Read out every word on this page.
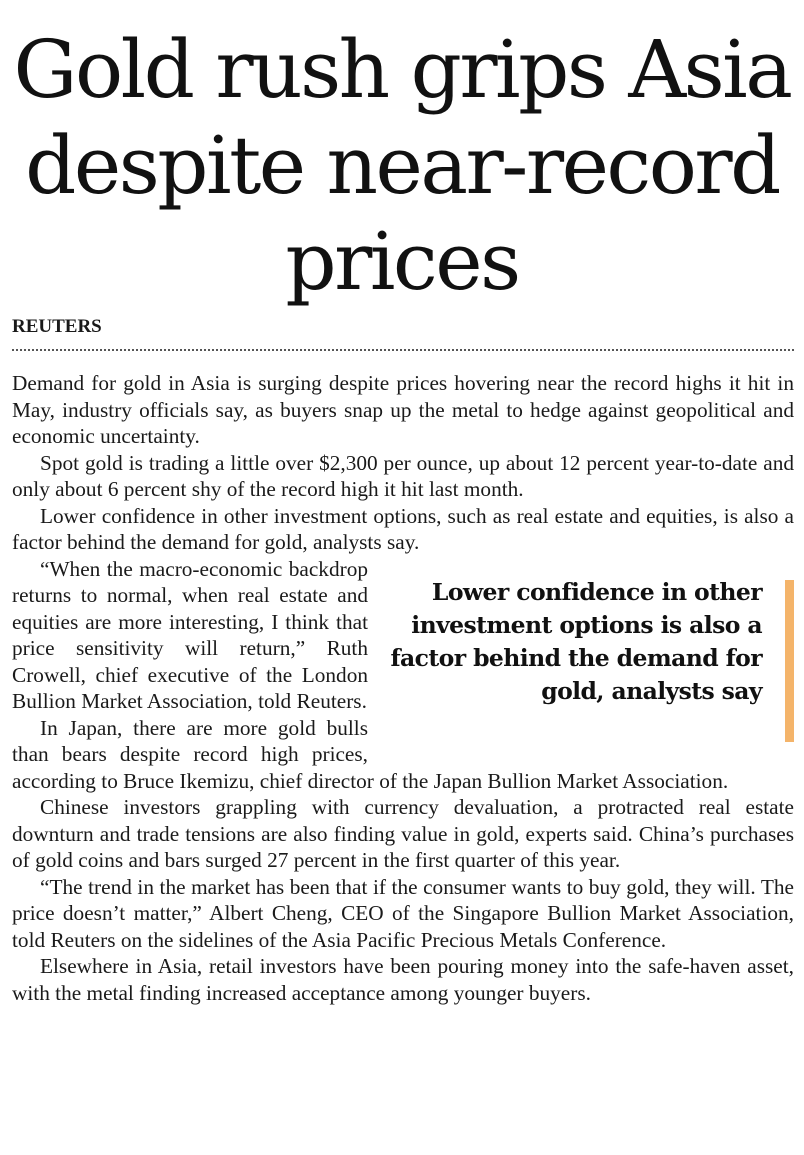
Gold rush grips Asia despite near-record prices
REUTERS

Demand for gold in Asia is surging despite prices hovering near the record highs it hit in May, industry officials say, as buyers snap up the metal to hedge against geopolitical and economic uncertainty.

Spot gold is trading a little over $2,300 per ounce, up about 12 percent year-to-date and only about 6 percent shy of the record high it hit last month.

Lower confidence in other investment options, such as real estate and equities, is also a factor behind the demand for gold, analysts say.

Lower confidence in other investment options is also a factor behind the demand for gold, analysts say
“When the macro-economic backdrop returns to normal, when real estate and equities are more interesting, I think that price sensitivity will return,” Ruth Crowell, chief executive of the London Bullion Market Association, told Reuters.

In Japan, there are more gold bulls than bears despite record high prices, according to Bruce Ikemizu, chief director of the Japan Bullion Market Association.

Chinese investors grappling with currency devaluation, a protracted real estate downturn and trade tensions are also finding value in gold, experts said. China’s purchases of gold coins and bars surged 27 percent in the first quarter of this year.

“The trend in the market has been that if the consumer wants to buy gold, they will. The price doesn’t matter,” Albert Cheng, CEO of the Singapore Bullion Market Association, told Reuters on the sidelines of the Asia Pacific Precious Metals Conference.

Elsewhere in Asia, retail investors have been pouring money into the safe-haven asset, with the metal finding increased acceptance among younger buyers.
